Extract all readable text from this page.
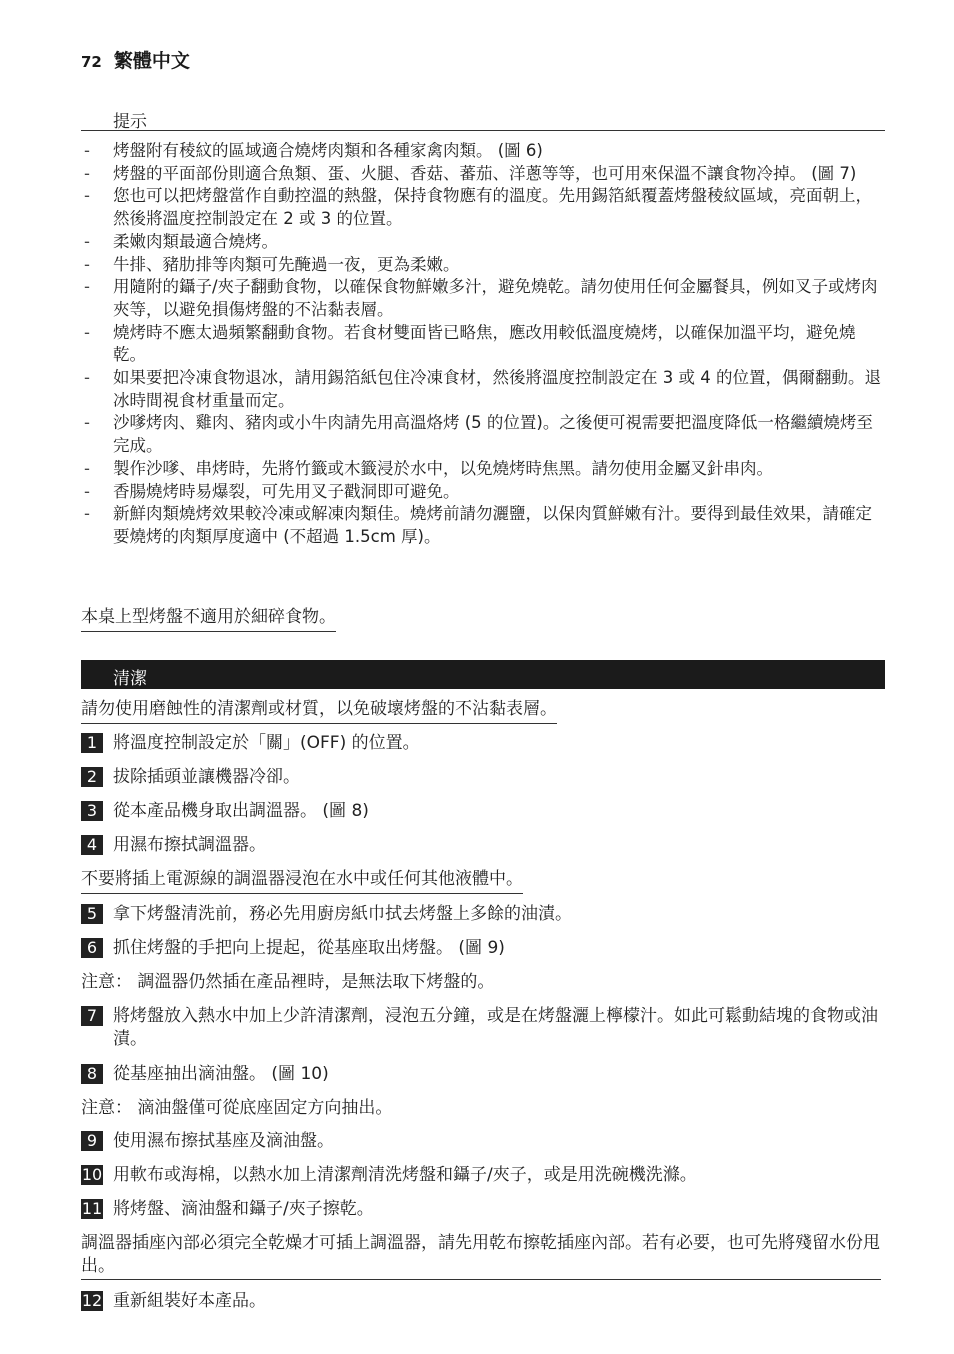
72 繁體中文
提示
- 烤盤附有稜紋的區域適合燒烤肉類和各種家禽肉類。 (圖 6)
- 烤盤的平面部份則適合魚類、蛋、火腿、香菇、蕃茄、洋蔥等等，也可用來保溫不讓食物冷掉。 (圖 7)
- 您也可以把烤盤當作自動控溫的熱盤，保持食物應有的溫度。先用錫箔紙覆蓋烤盤稜紋區域，亮面朝上，然後將溫度控制設定在 2 或 3 的位置。
- 柔嫩肉類最適合燒烤。
- 牛排、豬肋排等肉類可先醃過一夜，更為柔嫩。
- 用隨附的鑷子/夾子翻動食物，以確保食物鮮嫩多汁，避免燒乾。請勿使用任何金屬餐具，例如叉子或烤肉夾等，以避免損傷烤盤的不沾黏表層。
- 燒烤時不應太過頻繁翻動食物。若食材雙面皆已略焦，應改用較低溫度燒烤，以確保加溫平均，避免燒乾。
- 如果要把冷凍食物退冰，請用錫箔紙包住冷凍食材，然後將溫度控制設定在 3 或 4 的位置，偶爾翻動。退冰時間視食材重量而定。
- 沙嗲烤肉、雞肉、豬肉或小牛肉請先用高溫烙烤 (5 的位置)。之後便可視需要把溫度降低一格繼續燒烤至完成。
- 製作沙嗲、串烤時，先將竹籤或木籤浸於水中，以免燒烤時焦黑。請勿使用金屬叉針串肉。
- 香腸燒烤時易爆裂，可先用叉子戳洞即可避免。
- 新鮮肉類燒烤效果較冷凍或解凍肉類佳。燒烤前請勿灑鹽，以保肉質鮮嫩有汁。要得到最佳效果，請確定要燒烤的肉類厚度適中 (不超過 1.5cm 厚)。
本桌上型烤盤不適用於細碎食物。
清潔
請勿使用磨蝕性的清潔劑或材質，以免破壞烤盤的不沾黏表層。
1 將溫度控制設定於「關」(OFF) 的位置。
2 拔除插頭並讓機器冷卻。
3 從本產品機身取出調溫器。 (圖 8)
4 用濕布擦拭調溫器。
不要將插上電源線的調溫器浸泡在水中或任何其他液體中。
5 拿下烤盤清洗前，務必先用廚房紙巾拭去烤盤上多餘的油漬。
6 抓住烤盤的手把向上提起，從基座取出烤盤。 (圖 9)
注意： 調溫器仍然插在產品裡時，是無法取下烤盤的。
7 將烤盤放入熱水中加上少許清潔劑，浸泡五分鐘，或是在烤盤灑上檸檬汁。如此可鬆動結塊的食物或油漬。
8 從基座抽出滴油盤。 (圖 10)
注意： 滴油盤僅可從底座固定方向抽出。
9 使用濕布擦拭基座及滴油盤。
10 用軟布或海棉，以熱水加上清潔劑清洗烤盤和鑷子/夾子，或是用洗碗機洗滌。
11 將烤盤、滴油盤和鑷子/夾子擦乾。
調溫器插座內部必須完全乾燥才可插上調溫器，請先用乾布擦乾插座內部。若有必要，也可先將殘留水份甩出。
12 重新組裝好本產品。
